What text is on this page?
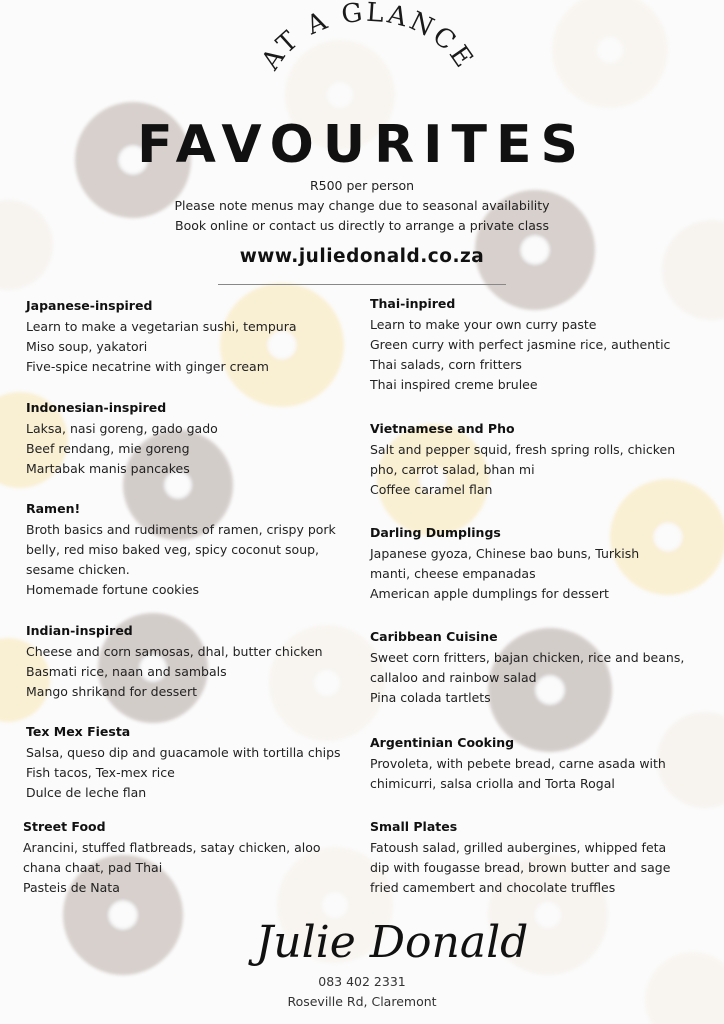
AT A GLANCE
FAVOURITES
R500 per person
Please note menus may change due to seasonal availability
Book online or contact us directly to arrange a private class
www.juliedonald.co.za
Japanese-inspired

Learn to make a vegetarian sushi, tempura

Miso soup, yakatori

Five-spice necatrine with ginger cream

Indonesian-inspired

Laksa, nasi goreng, gado gado

Beef rendang, mie goreng

Martabak manis pancakes

Ramen!

Broth basics and rudiments of ramen, crispy pork

belly, red miso baked veg, spicy coconut soup,

sesame chicken.

Homemade fortune cookies

Indian-inspired

Cheese and corn samosas, dhal, butter chicken

Basmati rice, naan and sambals

Mango shrikand for dessert

Tex Mex Fiesta

Salsa, queso dip and guacamole with tortilla chips

Fish tacos, Tex-mex rice

Dulce de leche flan

Street Food

Arancini, stuffed flatbreads, satay chicken, aloo

chana chaat, pad Thai

Pasteis de Nata

Thai-inpired

Learn to make your own curry paste

Green curry with perfect jasmine rice, authentic

Thai salads, corn fritters

Thai inspired creme brulee

Vietnamese and Pho

Salt and pepper squid, fresh spring rolls, chicken

pho, carrot salad, bhan mi

Coffee caramel flan

Darling Dumplings

Japanese gyoza, Chinese bao buns, Turkish

manti, cheese empanadas

American apple dumplings for dessert

Caribbean Cuisine

Sweet corn fritters, bajan chicken, rice and beans,

callaloo and rainbow salad

Pina colada tartlets

Argentinian Cooking

Provoleta, with pebete bread, carne asada with

chimicurri, salsa criolla and Torta Rogal

Small Plates

Fatoush salad, grilled aubergines, whipped feta

dip with fougasse bread, brown butter and sage

fried camembert and chocolate truffles

Julie Donald
083 402 2331
Roseville Rd, Claremont
